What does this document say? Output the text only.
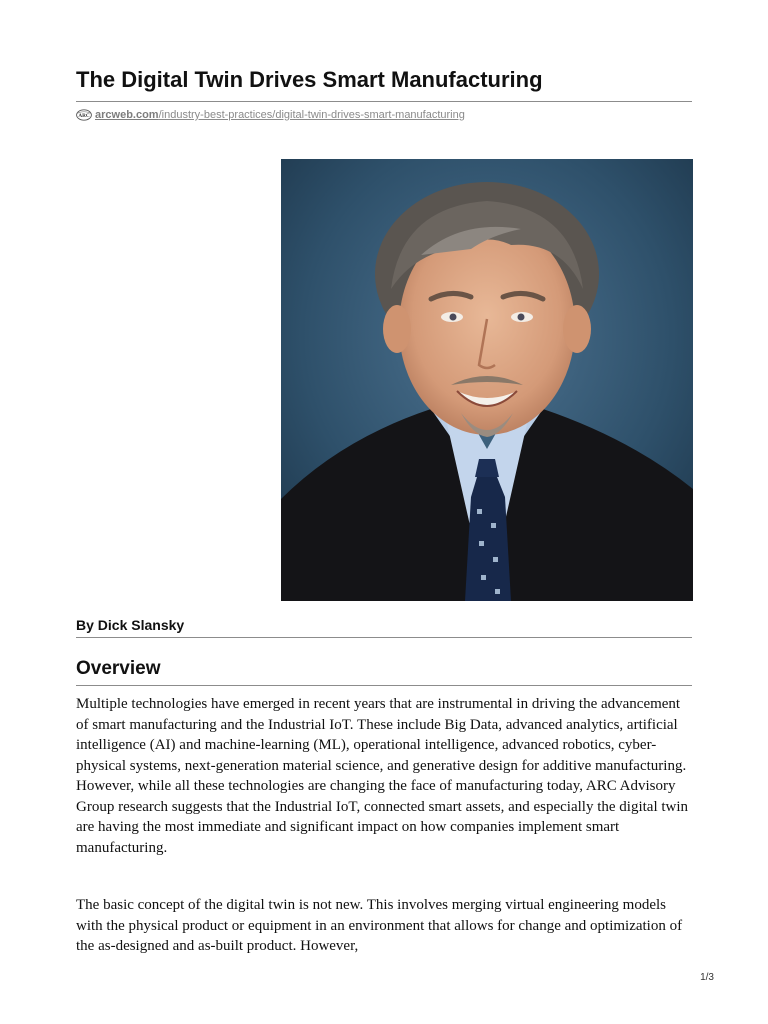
The Digital Twin Drives Smart Manufacturing
ARC arcweb.com /industry-best-practices/digital-twin-drives-smart-manufacturing
By Dick Slansky
Overview

Multiple technologies have emerged in recent years that are instrumental in driving the advancement of smart manufacturing and the Industrial IoT. These include Big Data, advanced analytics, artificial intelligence (AI) and machine-learning (ML), operational intelligence, advanced robotics, cyber-physical systems, next-generation material science, and generative design for additive manufacturing. However, while all these technologies are changing the face of manufacturing today, ARC Advisory Group research suggests that the Industrial IoT, connected smart assets, and especially the digital twin are having the most immediate and significant impact on how companies implement smart manufacturing.

The basic concept of the digital twin is not new. This involves merging virtual engineering models with the physical product or equipment in an environment that allows for change and optimization of the as-designed and as-built product. However,

1/3
